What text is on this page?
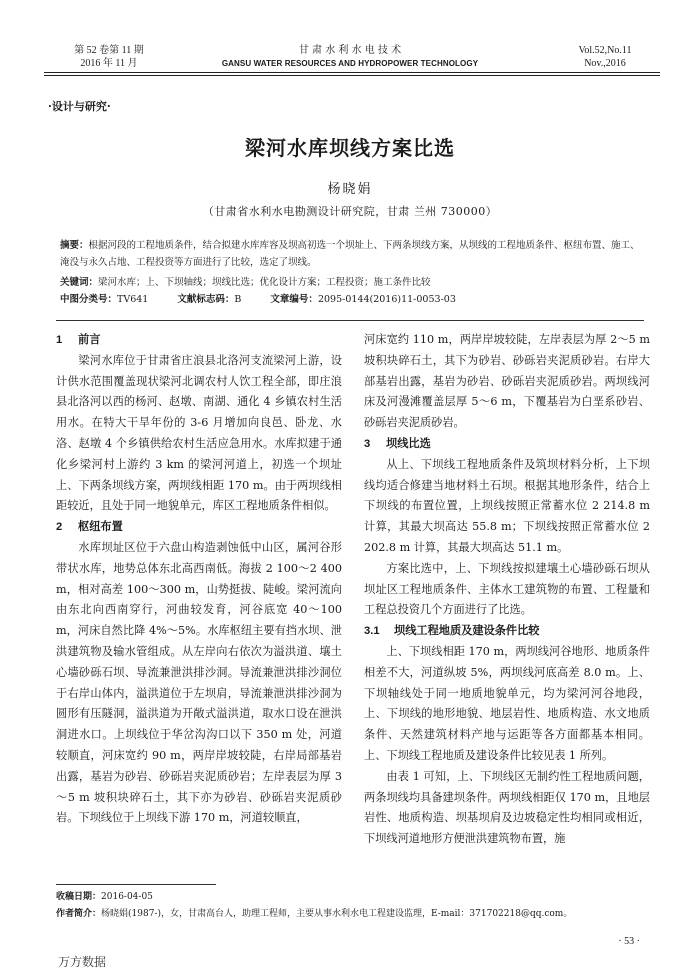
第 52 卷第 11 期
2016 年 11 月
甘 肃 水 利 水 电 技 术
GANSU WATER RESOURCES AND HYDROPOWER TECHNOLOGY
Vol.52,No.11
Nov.,2016
·设计与研究·
梁河水库坝线方案比选
杨晓娟
（甘肃省水利水电勘测设计研究院，甘肃 兰州 730000）
摘要：根据河段的工程地质条件，结合拟建水库库容及坝高初选一个坝址上、下两条坝线方案，从坝线的工程地质条件、枢纽布置、施工、淹没与永久占地、工程投资等方面进行了比较，选定了坝线。
关键词：梁河水库；上、下坝轴线；坝线比选；优化设计方案；工程投资；施工条件比较
中图分类号：TV641	文献标志码：B	文章编号：2095-0144(2016)11-0053-03
1 前言

梁河水库位于甘肃省庄浪县北洛河支流梁河上游，设计供水范围覆盖现状梁河北调农村人饮工程全部，即庄浪县北洛河以西的杨河、赵墩、南湖、通化 4 乡镇农村生活用水。在特大干旱年份的 3-6 月增加向良邑、卧龙、水洛、赵墩 4 个乡镇供给农村生活应急用水。水库拟建于通化乡梁河村上游约 3 km 的梁河河道上，初选一个坝址上、下两条坝线方案，两坝线相距 170 m。由于两坝线相距较近，且处于同一地貌单元，库区工程地质条件相似。

2 枢纽布置

水库坝址区位于六盘山构造剥蚀低中山区，属河谷形带状水库，地势总体东北高西南低。海拔 2 100～2 400 m，相对高差 100～300 m，山势挺拔、陡峻。梁河流向由东北向西南穿行，河曲较发育，河谷底宽 40～100 m，河床自然比降 4%～5%。水库枢纽主要有挡水坝、泄洪建筑物及输水管组成。从左岸向右依次为溢洪道、壤土心墙砂砾石坝、导流兼泄洪排沙洞。导流兼泄洪排沙洞位于右岸山体内，溢洪道位于左坝肩，导流兼泄洪排沙洞为圆形有压隧洞，溢洪道为开敞式溢洪道，取水口设在泄洪洞进水口。上坝线位于华岔沟沟口以下 350 m 处，河道较顺直，河床宽约 90 m，两岸岸坡较陡，右岸局部基岩出露，基岩为砂岩、砂砾岩夹泥质砂岩；左岸表层为厚 3～5 m 坡积块碎石土，其下亦为砂岩、砂砾岩夹泥质砂岩。下坝线位于上坝线下游 170 m，河道较顺直，

河床宽约 110 m，两岸岸坡较陡，左岸表层为厚 2～5 m 坡积块碎石土，其下为砂岩、砂砾岩夹泥质砂岩。右岸大部基岩出露，基岩为砂岩、砂砾岩夹泥质砂岩。两坝线河床及河漫滩覆盖层厚 5～6 m，下覆基岩为白垩系砂岩、砂砾岩夹泥质砂岩。

3 坝线比选

从上、下坝线工程地质条件及筑坝材料分析，上下坝线均适合修建当地材料土石坝。根据其地形条件，结合上下坝线的布置位置，上坝线按照正常蓄水位 2 214.8 m 计算，其最大坝高达 55.8 m；下坝线按照正常蓄水位 2 202.8 m 计算，其最大坝高达 51.1 m。

方案比选中，上、下坝线按拟建壤土心墙砂砾石坝从坝址区工程地质条件、主体水工建筑物的布置、工程量和工程总投资几个方面进行了比选。

3.1 坝线工程地质及建设条件比较

上、下坝线相距 170 m，两坝线河谷地形、地质条件相差不大，河道纵坡 5%，两坝线河底高差 8.0 m。上、下坝轴线处于同一地质地貌单元，均为梁河河谷地段，上、下坝线的地形地貌、地层岩性、地质构造、水文地质条件、天然建筑材料产地与运距等各方面都基本相同。上、下坝线工程地质及建设条件比较见表 1 所列。

由表 1 可知，上、下坝线区无制约性工程地质问题，两条坝线均具备建坝条件。两坝线相距仅 170 m，且地层岩性、地质构造、坝基坝肩及边坡稳定性均相同或相近，下坝线河道地形方便泄洪建筑物布置，施

收稿日期：2016-04-05
作者简介：杨晓娟(1987-)，女，甘肃高台人，助理工程师，主要从事水利水电工程建设监理，E-mail：371702218@qq.com。
· 53 ·
万方数据
